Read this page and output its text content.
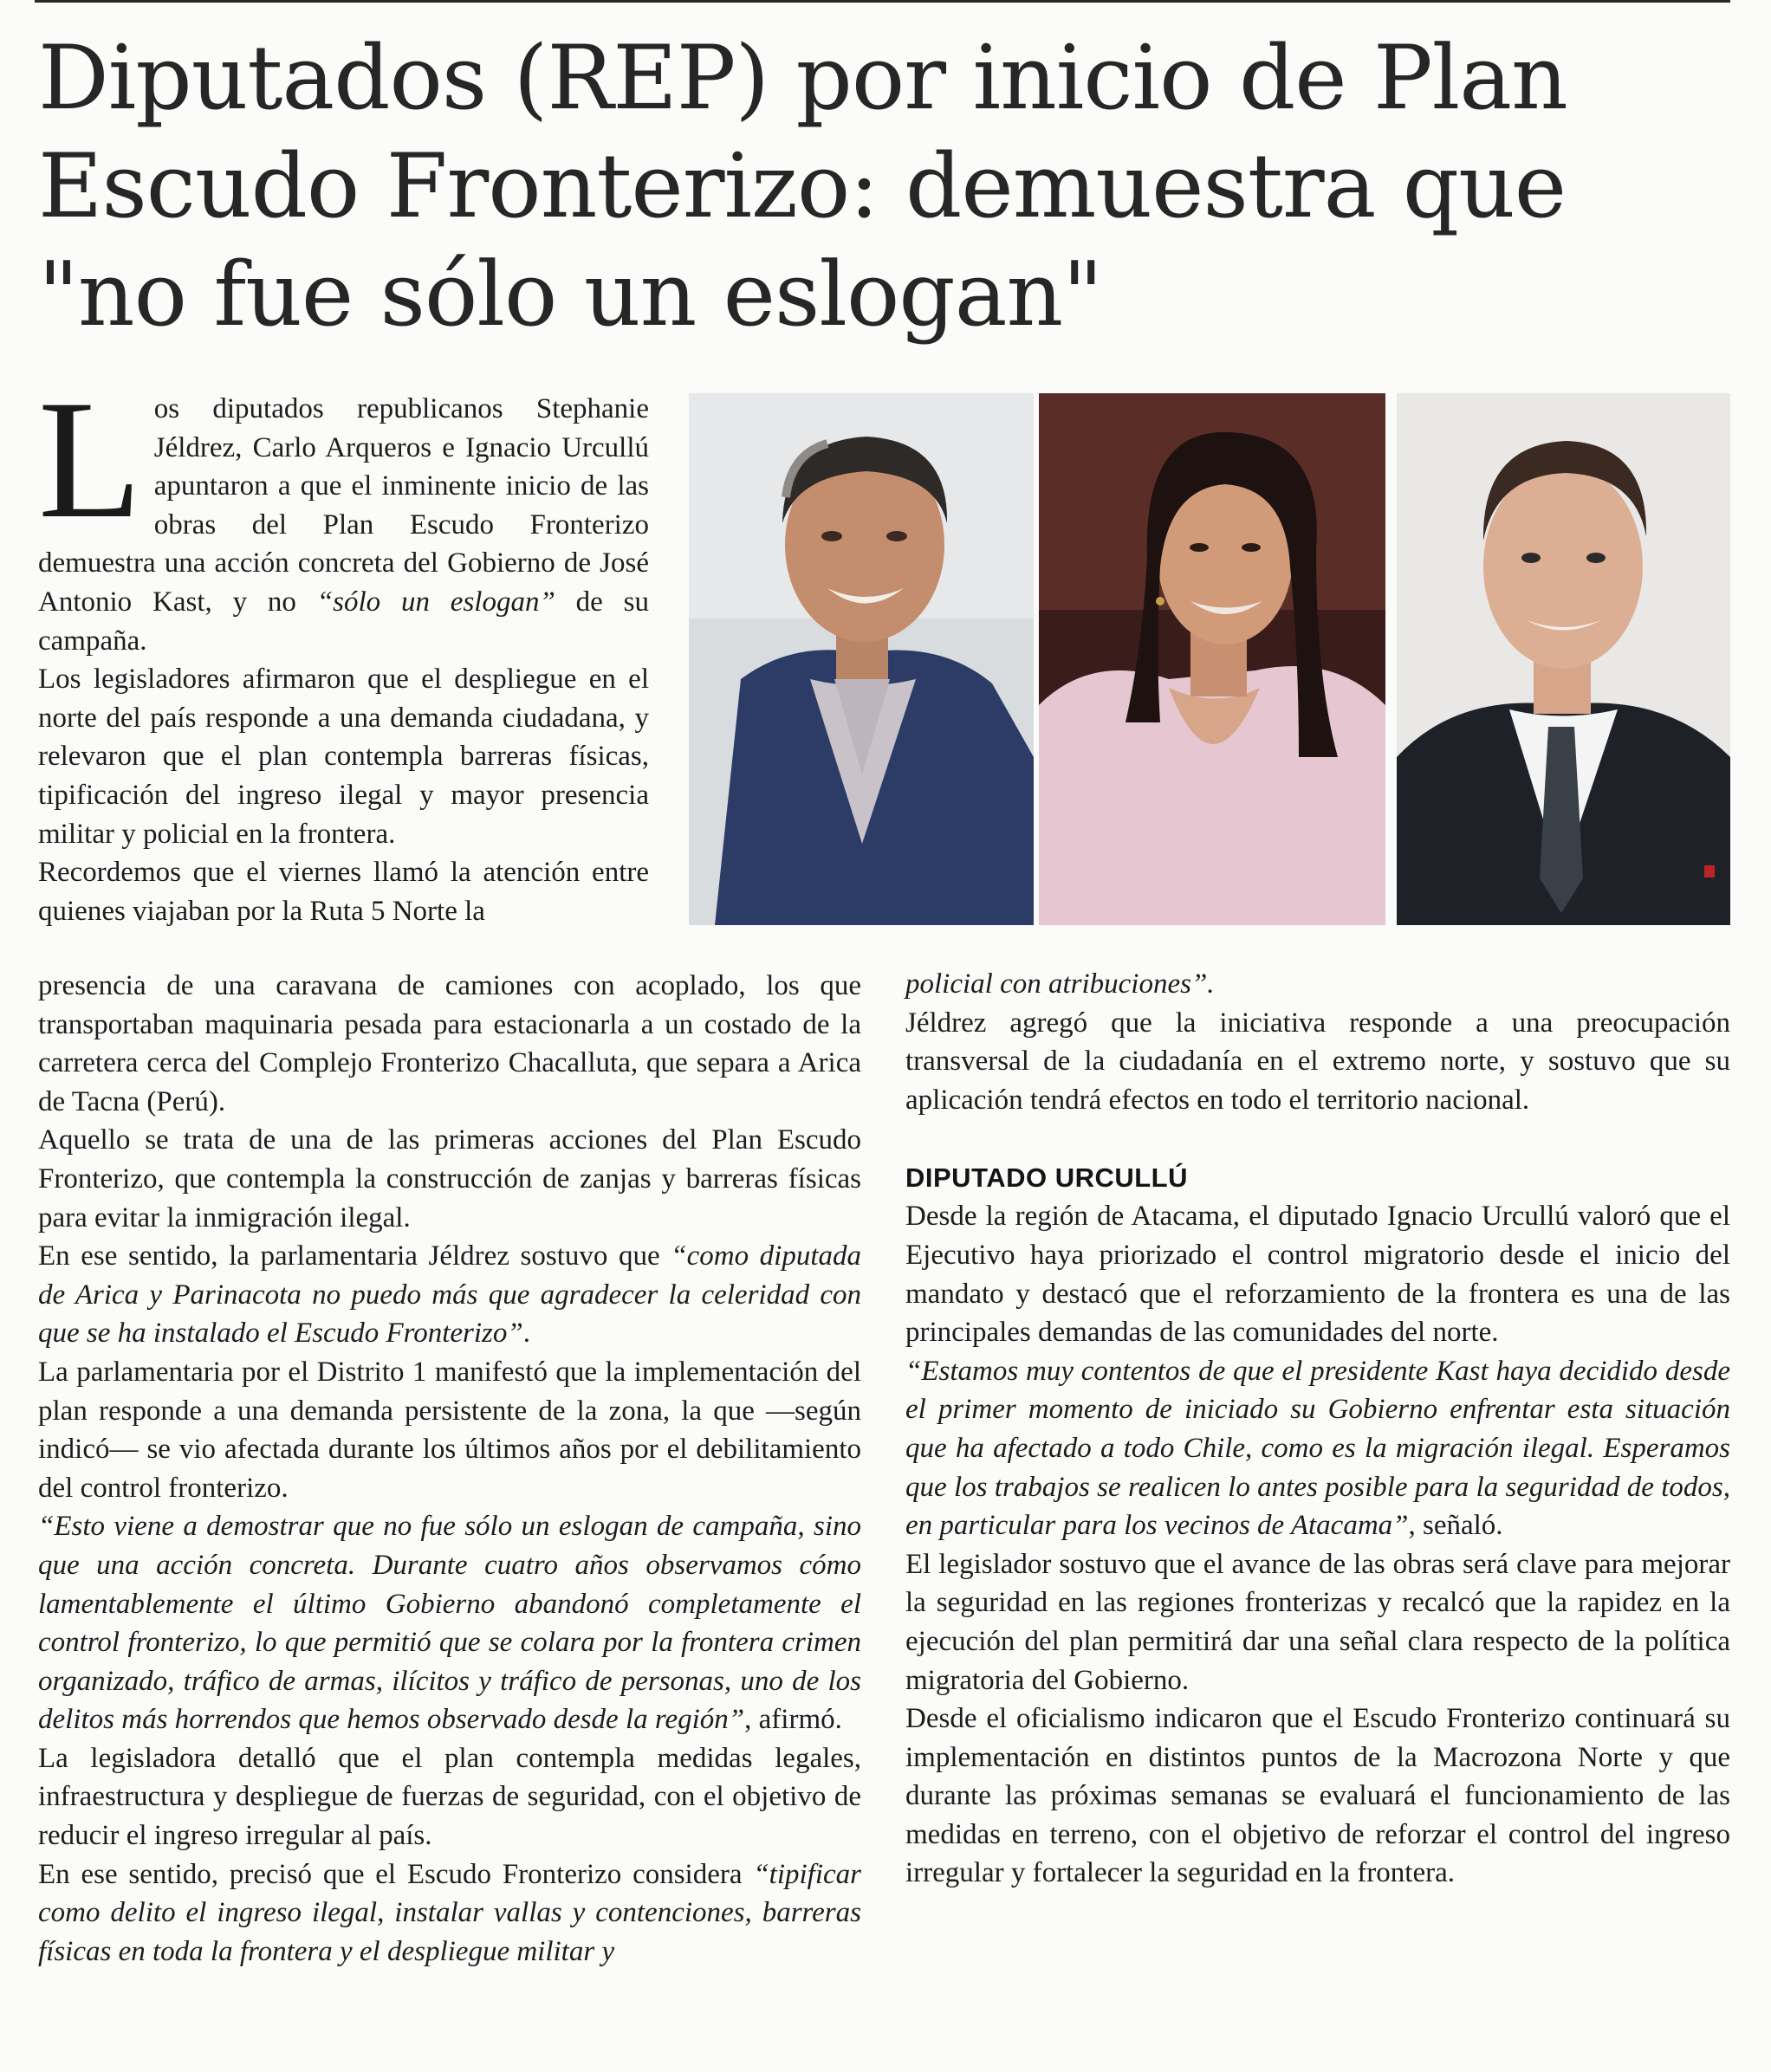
Diputados (REP) por inicio de Plan
Escudo Fronterizo: demuestra que
"no fue sólo un eslogan"
L os diputados republicanos Stephanie Jéldrez, Carlo Arqueros e Ignacio Urcullú apuntaron a que el inminente inicio de las obras del Plan Escudo Fronterizo demuestra una acción concreta del Gobierno de José Antonio Kast, y no “sólo un eslogan” de su campaña.

Los legisladores afirmaron que el despliegue en el norte del país responde a una demanda ciudadana, y relevaron que el plan contempla barreras físicas, tipificación del ingreso ilegal y mayor presencia militar y policial en la frontera.

Recordemos que el viernes llamó la atención entre quienes viajaban por la Ruta 5 Norte la

presencia de una caravana de camiones con acoplado, los que transportaban maquinaria pesada para estacionarla a un costado de la carretera cerca del Complejo Fronterizo Chacalluta, que separa a Arica de Tacna (Perú).

Aquello se trata de una de las primeras acciones del Plan Escudo Fronterizo, que contempla la construcción de zanjas y barreras físicas para evitar la inmigración ilegal.

En ese sentido, la parlamentaria Jéldrez sostuvo que “como diputada de Arica y Parinacota no puedo más que agradecer la celeridad con que se ha instalado el Escudo Fronterizo”.

La parlamentaria por el Distrito 1 manifestó que la implementación del plan responde a una demanda persistente de la zona, la que —según indicó— se vio afectada durante los últimos años por el debilitamiento del control fronterizo.

“Esto viene a demostrar que no fue sólo un eslogan de campaña, sino que una acción concreta. Durante cuatro años observamos cómo lamentablemente el último Gobierno abandonó completamente el control fronterizo, lo que permitió que se colara por la frontera crimen organizado, tráfico de armas, ilícitos y tráfico de personas, uno de los delitos más horrendos que hemos observado desde la región”, afirmó.

La legisladora detalló que el plan contempla medidas legales, infraestructura y despliegue de fuerzas de seguridad, con el objetivo de reducir el ingreso irregular al país.

En ese sentido, precisó que el Escudo Fronterizo considera “tipificar como delito el ingreso ilegal, instalar vallas y contenciones, barreras físicas en toda la frontera y el despliegue militar y

policial con atribuciones”.

Jéldrez agregó que la iniciativa responde a una preocupación transversal de la ciudadanía en el extremo norte, y sostuvo que su aplicación tendrá efectos en todo el territorio nacional.

DIPUTADO URCULLÚ

Desde la región de Atacama, el diputado Ignacio Urcullú valoró que el Ejecutivo haya priorizado el control migratorio desde el inicio del mandato y destacó que el reforzamiento de la frontera es una de las principales demandas de las comunidades del norte.

“Estamos muy contentos de que el presidente Kast haya decidido desde el primer momento de iniciado su Gobierno enfrentar esta situación que ha afectado a todo Chile, como es la migración ilegal. Esperamos que los trabajos se realicen lo antes posible para la seguridad de todos, en particular para los vecinos de Atacama”, señaló.

El legislador sostuvo que el avance de las obras será clave para mejorar la seguridad en las regiones fronterizas y recalcó que la rapidez en la ejecución del plan permitirá dar una señal clara respecto de la política migratoria del Gobierno.

Desde el oficialismo indicaron que el Escudo Fronterizo continuará su implementación en distintos puntos de la Macrozona Norte y que durante las próximas semanas se evaluará el funcionamiento de las medidas en terreno, con el objetivo de reforzar el control del ingreso irregular y fortalecer la seguridad en la frontera.
